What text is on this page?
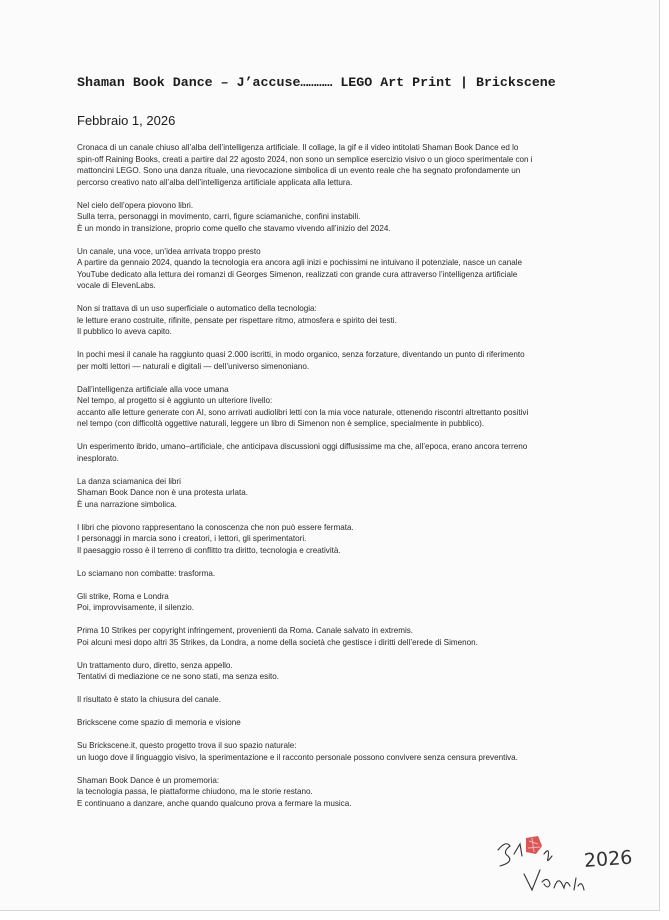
Shaman Book Dance – J’accuse………… LEGO Art Print | Brickscene
Febbraio 1, 2026
Cronaca di un canale chiuso all’alba dell’intelligenza artificiale. Il collage, la gif e il video intitolati Shaman Book Dance ed lo
spin-off Raining Books, creati a partire dal 22 agosto 2024, non sono un semplice esercizio visivo o un gioco sperimentale con i
mattoncini LEGO. Sono una danza rituale, una rievocazione simbolica di un evento reale che ha segnato profondamente un
percorso creativo nato all’alba dell’intelligenza artificiale applicata alla lettura.
Nel cielo dell’opera piovono libri.
Sulla terra, personaggi in movimento, carri, figure sciamaniche, confini instabili.
È un mondo in transizione, proprio come quello che stavamo vivendo all’inizio del 2024.
Un canale, una voce, un’idea arrivata troppo presto
A partire da gennaio 2024, quando la tecnologia era ancora agli inizi e pochissimi ne intuivano il potenziale, nasce un canale
YouTube dedicato alla lettura dei romanzi di Georges Simenon, realizzati con grande cura attraverso l’intelligenza artificiale
vocale di ElevenLabs.
Non si trattava di un uso superficiale o automatico della tecnologia:
le letture erano costruite, rifinite, pensate per rispettare ritmo, atmosfera e spirito dei testi.
Il pubblico lo aveva capito.
In pochi mesi il canale ha raggiunto quasi 2.000 iscritti, in modo organico, senza forzature, diventando un punto di riferimento
per molti lettori — naturali e digitali — dell’universo simenoniano.
Dall’intelligenza artificiale alla voce umana
Nel tempo, al progetto si è aggiunto un ulteriore livello:
accanto alle letture generate con AI, sono arrivati audiolibri letti con la mia voce naturale, ottenendo riscontri altrettanto positivi
nel tempo (con difficoltà oggettive naturali, leggere un libro di Simenon non è semplice, specialmente in pubblico).
Un esperimento ibrido, umano–artificiale, che anticipava discussioni oggi diffusissime ma che, all’epoca, erano ancora terreno
inesplorato.
La danza sciamanica dei libri
Shaman Book Dance non è una protesta urlata.
È una narrazione simbolica.
I libri che piovono rappresentano la conoscenza che non può essere fermata.
I personaggi in marcia sono i creatori, i lettori, gli sperimentatori.
Il paesaggio rosso è il terreno di conflitto tra diritto, tecnologia e creatività.
Lo sciamano non combatte: trasforma.
Gli strike, Roma e Londra
Poi, improvvisamente, il silenzio.
Prima 10 Strikes per copyright infringement, provenienti da Roma. Canale salvato in extremis.
Poi alcuni mesi dopo altri 35 Strikes, da Londra, a nome della società che gestisce i diritti dell’erede di Simenon.
Un trattamento duro, diretto, senza appello.
Tentativi di mediazione ce ne sono stati, ma senza esito.
Il risultato è stato la chiusura del canale.
Brickscene come spazio di memoria e visione
Su Brickscene.it, questo progetto trova il suo spazio naturale:
un luogo dove il linguaggio visivo, la sperimentazione e il racconto personale possono convivere senza censura preventiva.
Shaman Book Dance è un promemoria:
la tecnologia passa, le piattaforme chiudono, ma le storie restano.
E continuano a danzare, anche quando qualcuno prova a fermare la musica.
2026
